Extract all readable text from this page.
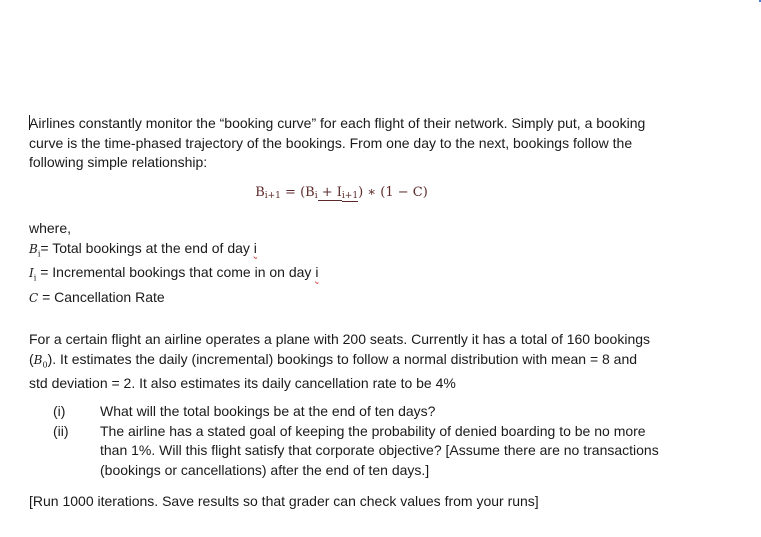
Airlines constantly monitor the “booking curve” for each flight of their network. Simply put, a booking curve is the time-phased trajectory of the bookings. From one day to the next, bookings follow the following simple relationship:
Bi+1 = (Bi + Ii+1) ∗ (1 − C)
where,
$B_i=$ Total bookings at the end of day i
$I_i$ = Incremental bookings that come in on day i
C = Cancellation Rate
For a certain flight an airline operates a plane with 200 seats. Currently it has a total of 160 bookings $(B_0)$. It estimates the daily (incremental) bookings to follow a normal distribution with mean = 8 and std deviation = 2. It also estimates its daily cancellation rate to be 4%
(i)	What will the total bookings be at the end of ten days?
(ii)	The airline has a stated goal of keeping the probability of denied boarding to be no more than 1%. Will this flight satisfy that corporate objective? [Assume there are no transactions (bookings or cancellations) after the end of ten days.]
[Run 1000 iterations. Save results so that grader can check values from your runs]
